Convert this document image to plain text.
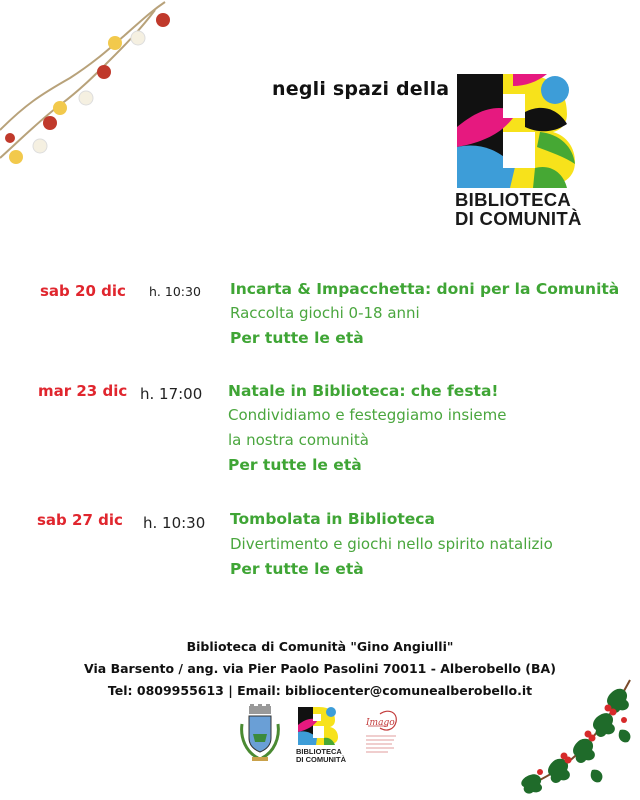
negli spazi della
BIBLIOTECA
DI COMUNITÀ
sab 20 dic h. 10:30 Incarta & Impacchetta: doni per la Comunità
Raccolta giochi 0-18 anni
Per tutte le età
mar 23 dic h. 17:00 Natale in Biblioteca: che festa!
Condividiamo e festeggiamo insieme
la nostra comunità
Per tutte le età
sab 27 dic h. 10:30 Tombolata in Biblioteca
Divertimento e giochi nello spirito natalizio
Per tutte le età
Biblioteca di Comunità "Gino Angiulli"
Via Barsento / ang. via Pier Paolo Pasolini 70011 - Alberobello (BA)
Tel: 0809955613 | Email: bibliocenter@comunealberobello.it
BIBLIOTECA
DI COMUNITÀ
Imago
